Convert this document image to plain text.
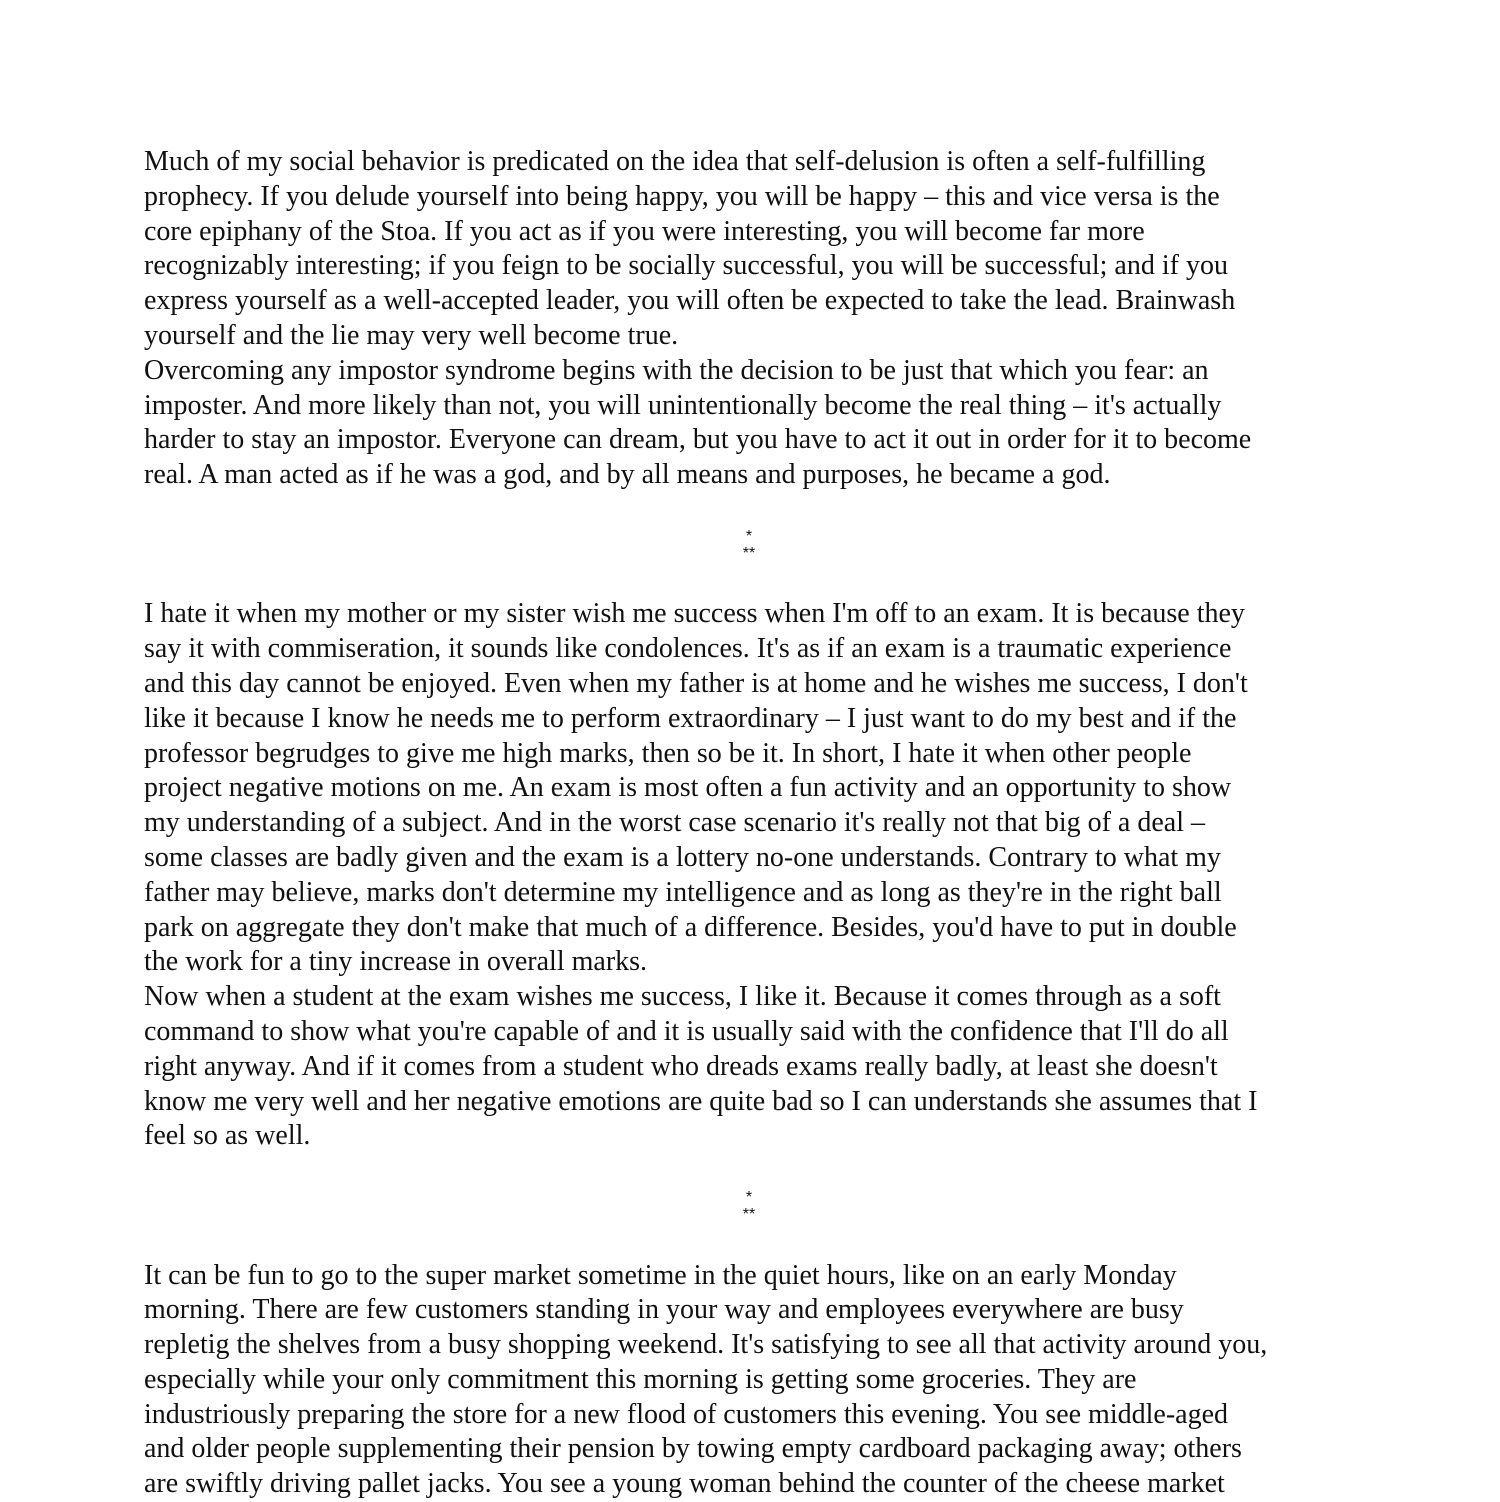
Much of my social behavior is predicated on the idea that self-delusion is often a self-fulfilling
prophecy. If you delude yourself into being happy, you will be happy – this and vice versa is the
core epiphany of the Stoa. If you act as if you were interesting, you will become far more
recognizably interesting; if you feign to be socially successful, you will be successful; and if you
express yourself as a well-accepted leader, you will often be expected to take the lead. Brainwash
yourself and the lie may very well become true.
Overcoming any impostor syndrome begins with the decision to be just that which you fear: an
imposter. And more likely than not, you will unintentionally become the real thing – it's actually
harder to stay an impostor. Everyone can dream, but you have to act it out in order for it to become
real. A man acted as if he was a god, and by all means and purposes, he became a god.
*
**
I hate it when my mother or my sister wish me success when I'm off to an exam. It is because they
say it with commiseration, it sounds like condolences. It's as if an exam is a traumatic experience
and this day cannot be enjoyed. Even when my father is at home and he wishes me success, I don't
like it because I know he needs me to perform extraordinary – I just want to do my best and if the
professor begrudges to give me high marks, then so be it. In short, I hate it when other people
project negative motions on me. An exam is most often a fun activity and an opportunity to show
my understanding of a subject. And in the worst case scenario it's really not that big of a deal –
some classes are badly given and the exam is a lottery no-one understands. Contrary to what my
father may believe, marks don't determine my intelligence and as long as they're in the right ball
park on aggregate they don't make that much of a difference. Besides, you'd have to put in double
the work for a tiny increase in overall marks.
Now when a student at the exam wishes me success, I like it. Because it comes through as a soft
command to show what you're capable of and it is usually said with the confidence that I'll do all
right anyway. And if it comes from a student who dreads exams really badly, at least she doesn't
know me very well and her negative emotions are quite bad so I can understands she assumes that I
feel so as well.
*
**
It can be fun to go to the super market sometime in the quiet hours, like on an early Monday
morning. There are few customers standing in your way and employees everywhere are busy
repletig the shelves from a busy shopping weekend. It's satisfying to see all that activity around you,
especially while your only commitment this morning is getting some groceries. They are
industriously preparing the store for a new flood of customers this evening. You see middle-aged
and older people supplementing their pension by towing empty cardboard packaging away; others
are swiftly driving pallet jacks. You see a young woman behind the counter of the cheese market
